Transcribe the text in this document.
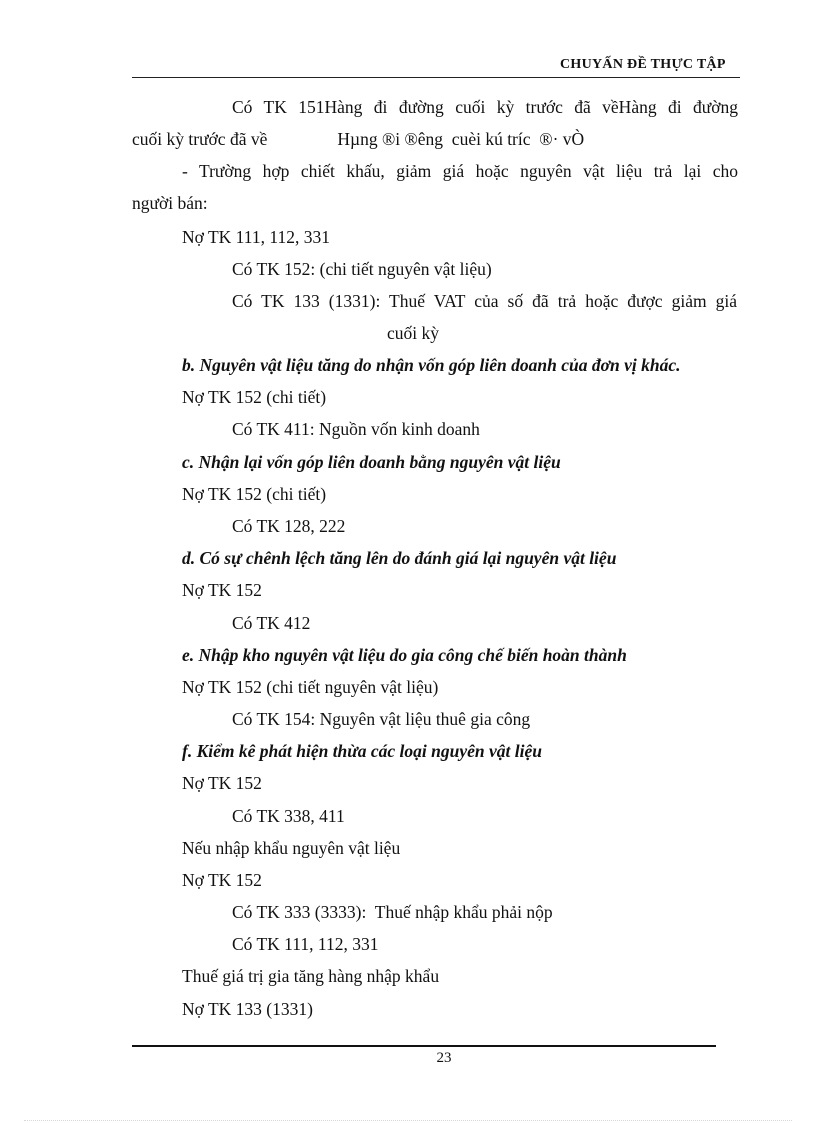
CHUYẤN ĐỀ THỰC TẬP
Có TK 151Hàng đi đường cuối kỳ trước đã vềHàng đi đường
cuối kỳ trước đã về                Hµng ®i ®êng  cuèi kú tríc  ®· vÒ
- Trường hợp chiết khấu, giảm giá hoặc nguyên vật liệu trả lại cho
người bán:
Nợ TK 111, 112, 331
Có TK 152: (chi tiết nguyên vật liệu)
Có TK 133 (1331): Thuế VAT của số đã trả hoặc được giảm giá
cuối kỳ
b. Nguyên vật liệu tăng do nhận vốn góp liên doanh của đơn vị khác.
Nợ TK 152 (chi tiết)
Có TK 411: Nguồn vốn kinh doanh
c. Nhận lại vốn góp liên doanh bằng nguyên vật liệu
Nợ TK 152 (chi tiết)
Có TK 128, 222
d. Có sự chênh lệch tăng lên do đánh giá lại nguyên vật liệu
Nợ TK 152
Có TK 412
e. Nhập kho nguyên vật liệu do gia công chế biến hoàn thành
Nợ TK 152 (chi tiết nguyên vật liệu)
Có TK 154: Nguyên vật liệu thuê gia công
f. Kiểm kê phát hiện thừa các loại nguyên vật liệu
Nợ TK 152
Có TK 338, 411
Nếu nhập khẩu nguyên vật liệu
Nợ TK 152
Có TK 333 (3333):  Thuế nhập khẩu phải nộp
Có TK 111, 112, 331
Thuế giá trị gia tăng hàng nhập khẩu
Nợ TK 133 (1331)
23
